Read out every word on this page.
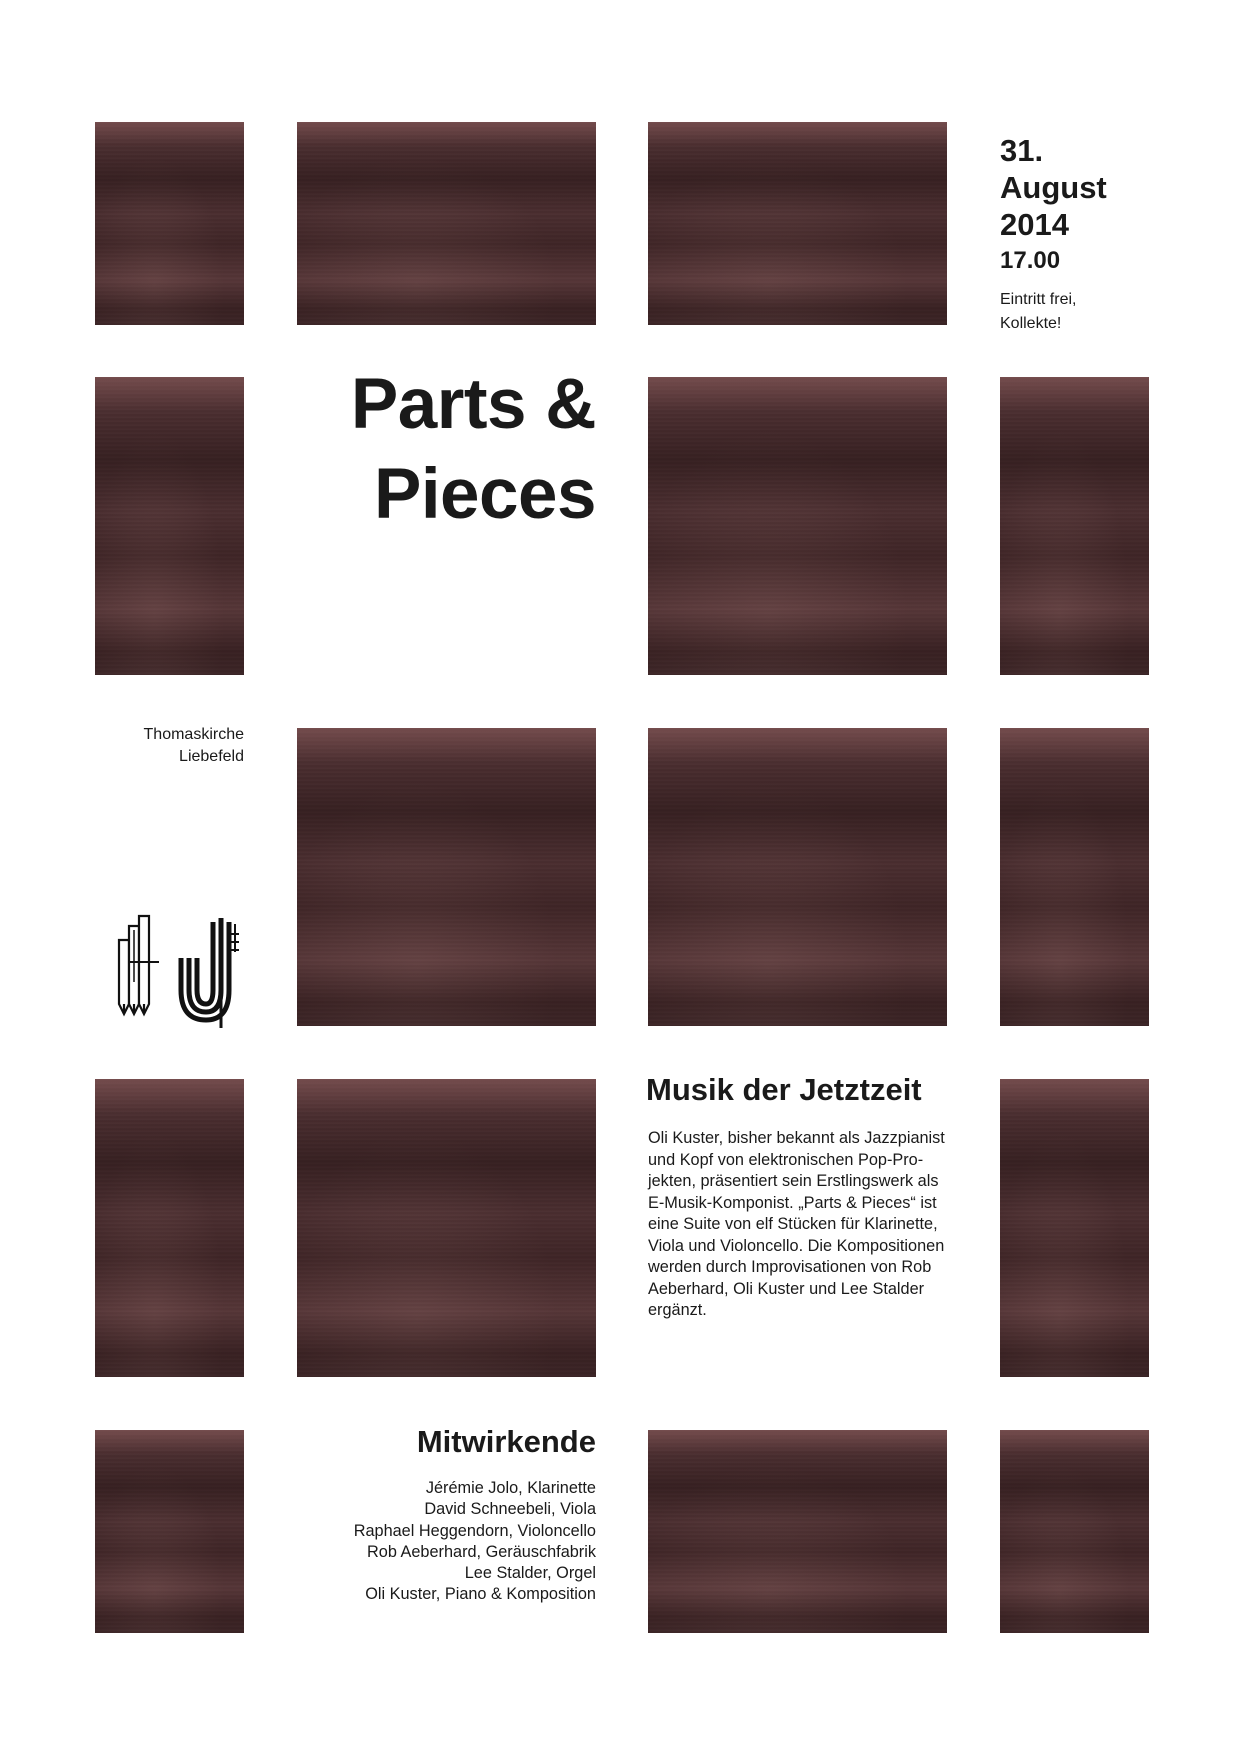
31.
August
2014
17.00
Eintritt frei,
Kollekte!
Parts &
Pieces
Thomaskirche
Liebefeld
Musik der Jetztzeit
Oli Kuster, bisher bekannt als Jazzpianist
und Kopf von elektronischen Pop-Pro-
jekten, präsentiert sein Erstlingswerk als
E-Musik-Komponist. „Parts & Pieces“ ist
eine Suite von elf Stücken für Klarinette,
Viola und Violoncello. Die Kompositionen
werden durch Improvisationen von Rob
Aeberhard, Oli Kuster und Lee Stalder
ergänzt.
Mitwirkende
Jérémie Jolo, Klarinette
David Schneebeli, Viola
Raphael Heggendorn, Violoncello
Rob Aeberhard, Geräuschfabrik
Lee Stalder, Orgel
Oli Kuster, Piano & Komposition
